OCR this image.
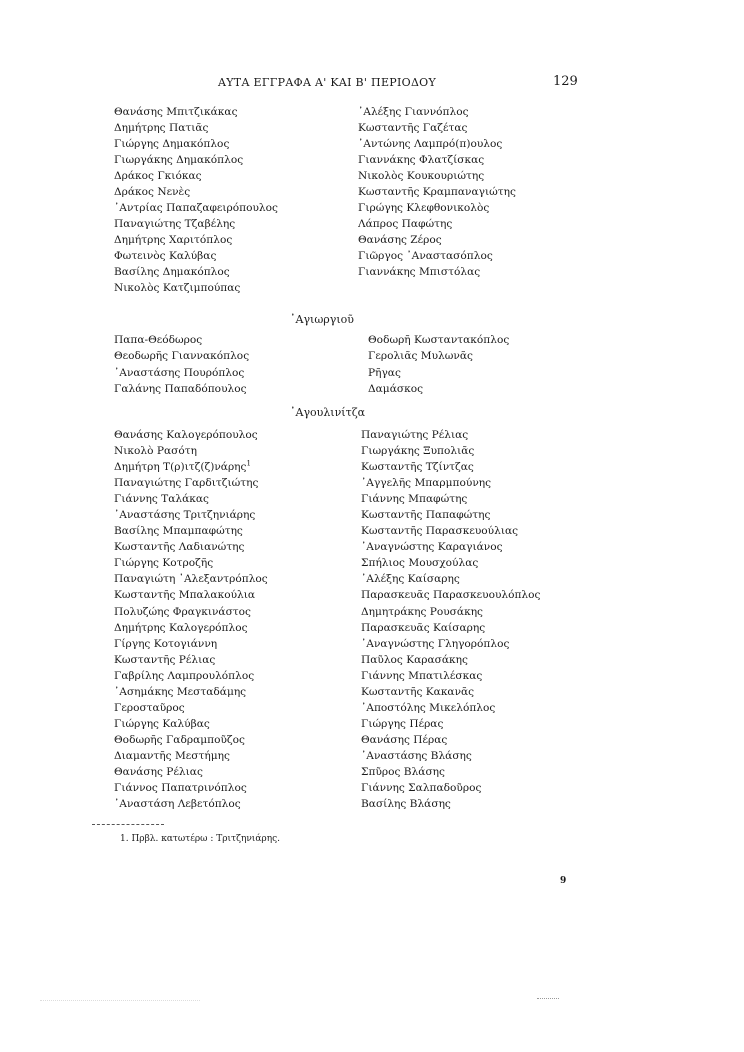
ΑΥΤΑ ΕΓΓΡΑΦΑ Α' ΚΑΙ Β' ΠΕΡΙΟΔΟΥ	129
Θανάσης Μπιτζικάκας
Δημήτρης Πατιᾶς
Γιώργης Δημακόπλος
Γιωργάκης Δημακόπλος
Δράκος Γκιόκας
Δράκος Νενὲς
᾿Αντρίας Παπαζαφειρόπουλος
Παναγιώτης Τζαβέλης
Δημήτρης Χαριτόπλος
Φωτεινὸς Καλύβας
Βασίλης Δημακόπλος
Νικολὸς Κατζιμπούπας
᾿Αλέξης Γιαννόπλος
Κωσταντῆς Γαζέτας
᾿Αντώνης Λαμπρό(π)ουλος
Γιαννάκης Φλατζίσκας
Νικολὸς Κουκουριώτης
Κωσταντῆς Κραμπαναγιώτης
Γιρώγης Κλεφθονικολὸς
Λάπρος Παφώτης
Θανάσης Ζέρος
Γιῶργος ᾿Αναστασόπλος
Γιαννάκης Μπιστόλας
᾿Αγιωργιοῦ
Παπα-Θεόδωρος
Θεοδωρῆς Γιαννακόπλος
᾿Αναστάσης Πουρόπλος
Γαλάνης Παπαδόπουλος
Θοδωρῆ Κωσταντακόπλος
Γερολιᾶς Μυλωνᾶς
Ρῆγας
Δαμάσκος
᾿Αγουλινίτζα
Θανάσης Καλογερόπουλος
Νικολὸ Ρασότη
Δημήτρη Τ(ρ)ιτζ(ζ)νάρης$^1$
Παναγιώτης Γαρδιτζιώτης
Γιάννης Ταλάκας
᾿Αναστάσης Τριτζηνιάρης
Βασίλης Μπαμπαφώτης
Κωσταντῆς Λαδιανώτης
Γιώργης Κοτροζῆς
Παναγιώτη ᾿Αλεξαντρόπλος
Κωσταντῆς Μπαλακούλια
Πολυζώης Φραγκινάστος
Δημήτρης Καλογερόπλος
Γίργης Κοτογιάννη
Κωσταντῆς Ρέλιας
Γαβρίλης Λαμπρουλόπλος
᾿Ασημάκης Μεσταδάμης
Γεροσταῦρος
Γιώργης Καλύβας
Θοδωρῆς Γαδραμποῦζος
Διαμαντῆς Μεστήμης
Θανάσης Ρέλιας
Γιάννος Παπατρινόπλος
᾿Αναστάση Λεβετόπλος
Παναγιώτης Ρέλιας
Γιωργάκης Ξυπολιᾶς
Κωσταντῆς Τζίντζας
᾿Αγγελῆς Μπαρμπούνης
Γιάννης Μπαφώτης
Κωσταντῆς Παπαφώτης
Κωσταντῆς Παρασκευούλιας
᾿Αναγνώστης Καραγιάνος
Σπήλιος Μουσχούλας
᾿Αλέξης Καίσαρης
Παρασκευᾶς Παρασκευουλόπλος
Δημητράκης Ρουσάκης
Παρασκευᾶς Καίσαρης
᾿Αναγνώστης Γληγορόπλος
Παῦλος Καρασάκης
Γιάννης Μπατιλέσκας
Κωσταντῆς Κακανᾶς
᾿Αποστόλης Μικελόπλος
Γιώργης Πέρας
Θανάσης Πέρας
᾿Αναστάσης Βλάσης
Σπῦρος Βλάσης
Γιάννης Σαλπαδοῦρος
Βασίλης Βλάσης
1. Πρβλ. κατωτέρω : Τριτζηνιάρης.
9
